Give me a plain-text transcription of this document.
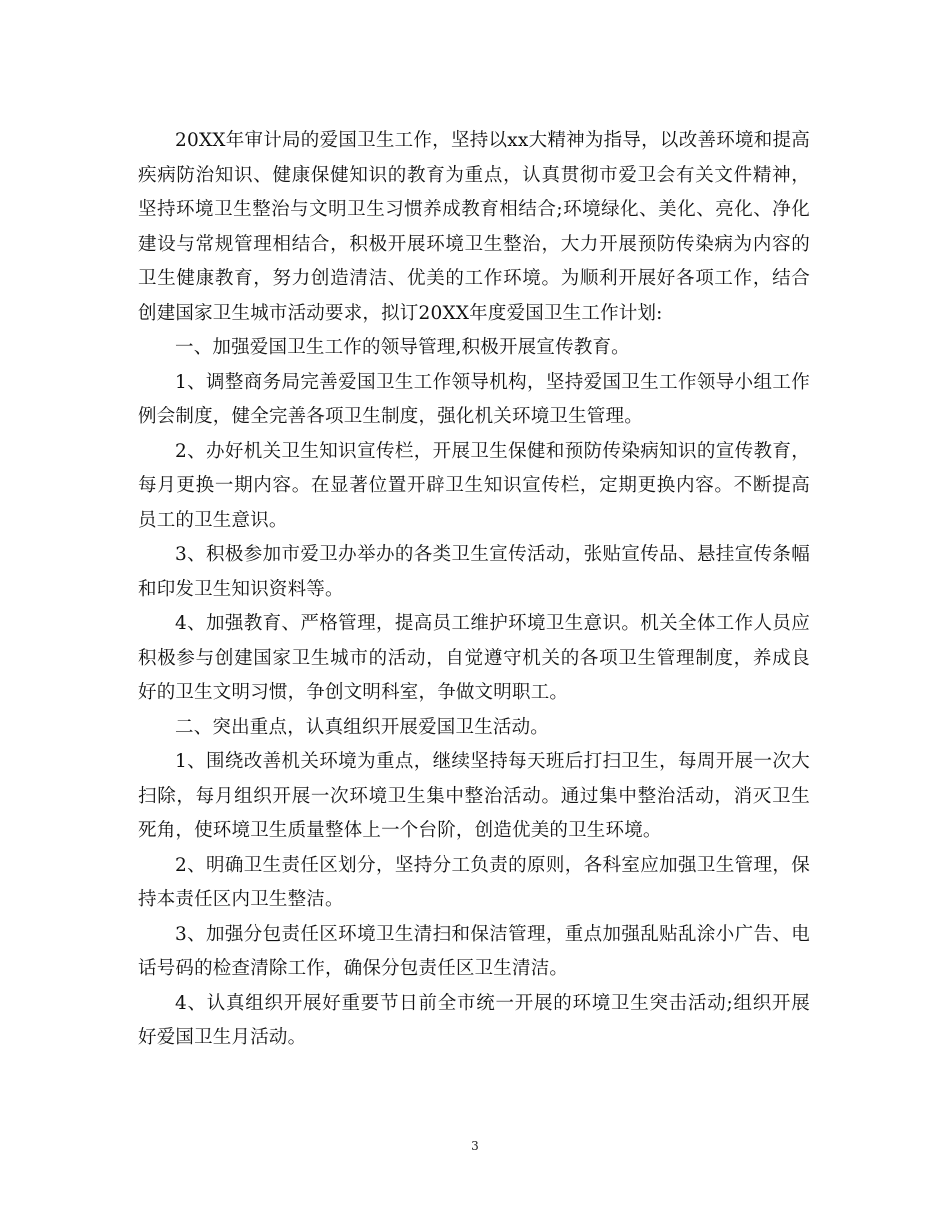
20XX年审计局的爱国卫生工作，坚持以xx大精神为指导，以改善环境和提高疾病防治知识、健康保健知识的教育为重点，认真贯彻市爱卫会有关文件精神，坚持环境卫生整治与文明卫生习惯养成教育相结合;环境绿化、美化、亮化、净化建设与常规管理相结合，积极开展环境卫生整治，大力开展预防传染病为内容的卫生健康教育，努力创造清洁、优美的工作环境。为顺利开展好各项工作，结合创建国家卫生城市活动要求，拟订20XX年度爱国卫生工作计划:

一、加强爱国卫生工作的领导管理,积极开展宣传教育。

1、调整商务局完善爱国卫生工作领导机构，坚持爱国卫生工作领导小组工作例会制度，健全完善各项卫生制度，强化机关环境卫生管理。

2、办好机关卫生知识宣传栏，开展卫生保健和预防传染病知识的宣传教育，每月更换一期内容。在显著位置开辟卫生知识宣传栏，定期更换内容。不断提高员工的卫生意识。

3、积极参加市爱卫办举办的各类卫生宣传活动，张贴宣传品、悬挂宣传条幅和印发卫生知识资料等。

4、加强教育、严格管理，提高员工维护环境卫生意识。机关全体工作人员应积极参与创建国家卫生城市的活动，自觉遵守机关的各项卫生管理制度，养成良好的卫生文明习惯，争创文明科室，争做文明职工。

二、突出重点，认真组织开展爱国卫生活动。

1、围绕改善机关环境为重点，继续坚持每天班后打扫卫生，每周开展一次大扫除，每月组织开展一次环境卫生集中整治活动。通过集中整治活动，消灭卫生死角，使环境卫生质量整体上一个台阶，创造优美的卫生环境。

2、明确卫生责任区划分，坚持分工负责的原则，各科室应加强卫生管理，保持本责任区内卫生整洁。

3、加强分包责任区环境卫生清扫和保洁管理，重点加强乱贴乱涂小广告、电话号码的检查清除工作，确保分包责任区卫生清洁。

4、认真组织开展好重要节日前全市统一开展的环境卫生突击活动;组织开展好爱国卫生月活动。

3
